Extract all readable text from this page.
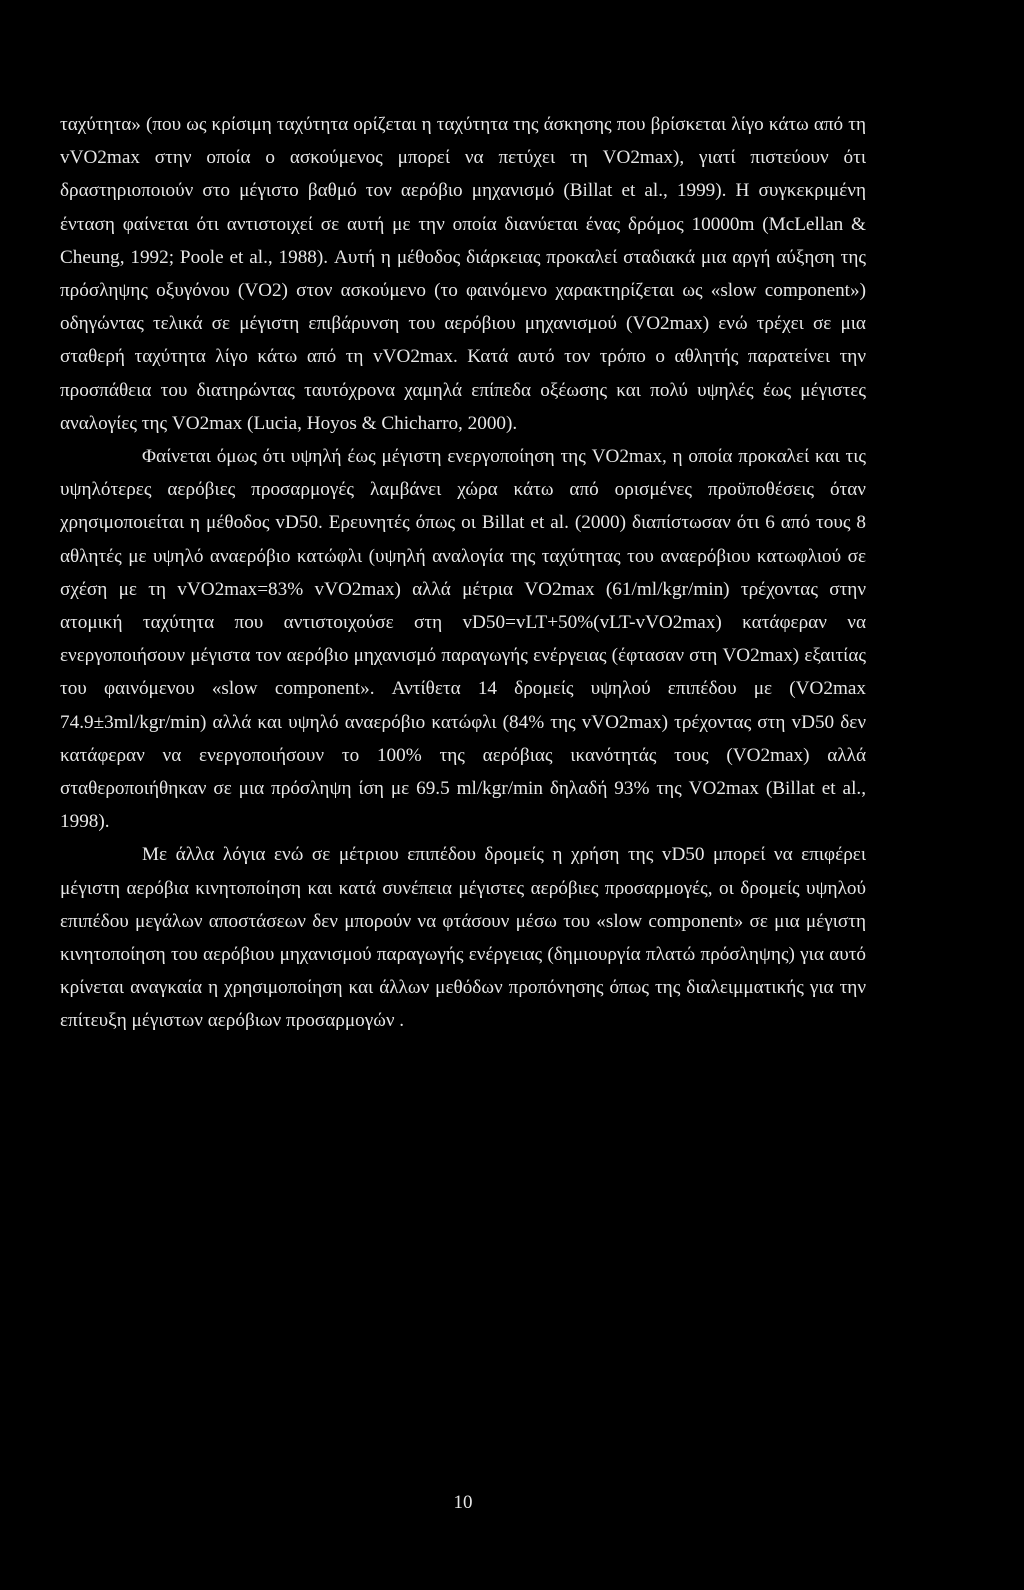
ταχύτητα» (που ως κρίσιμη ταχύτητα ορίζεται η ταχύτητα της άσκησης που βρίσκεται λίγο κάτω από τη vVO2max στην οποία ο ασκούμενος μπορεί να πετύχει τη VO2max), γιατί πιστεύουν ότι δραστηριοποιούν στο μέγιστο βαθμό τον αερόβιο μηχανισμό (Billat et al., 1999). Η συγκεκριμένη ένταση φαίνεται ότι αντιστοιχεί σε αυτή με την οποία διανύεται ένας δρόμος 10000m (McLellan & Cheung, 1992; Poole et al., 1988). Αυτή η μέθοδος διάρκειας προκαλεί σταδιακά μια αργή αύξηση της πρόσληψης οξυγόνου (VO2) στον ασκούμενο (το φαινόμενο χαρακτηρίζεται ως «slow component») οδηγώντας τελικά σε μέγιστη επιβάρυνση του αερόβιου μηχανισμού (VO2max) ενώ τρέχει σε μια σταθερή ταχύτητα λίγο κάτω από τη vVO2max. Κατά αυτό τον τρόπο ο αθλητής παρατείνει την προσπάθεια του διατηρώντας ταυτόχρονα χαμηλά επίπεδα οξέωσης και πολύ υψηλές έως μέγιστες αναλογίες της VO2max (Lucia, Hoyos & Chicharro, 2000).

Φαίνεται όμως ότι υψηλή έως μέγιστη ενεργοποίηση της VO2max, η οποία προκαλεί και τις υψηλότερες αερόβιες προσαρμογές λαμβάνει χώρα κάτω από ορισμένες προϋποθέσεις όταν χρησιμοποιείται η μέθοδος vD50. Ερευνητές όπως οι Billat et al. (2000) διαπίστωσαν ότι 6 από τους 8 αθλητές με υψηλό αναερόβιο κατώφλι (υψηλή αναλογία της ταχύτητας του αναερόβιου κατωφλιού σε σχέση με τη vVO2max=83% vVO2max) αλλά μέτρια VO2max (61/ml/kgr/min) τρέχοντας στην ατομική ταχύτητα που αντιστοιχούσε στη vD50=vLT+50%(vLT-vVO2max) κατάφεραν να ενεργοποιήσουν μέγιστα τον αερόβιο μηχανισμό παραγωγής ενέργειας (έφτασαν στη VO2max) εξαιτίας του φαινόμενου «slow component». Αντίθετα 14 δρομείς υψηλού επιπέδου με (VO2max 74.9±3ml/kgr/min) αλλά και υψηλό αναερόβιο κατώφλι (84% της vVO2max) τρέχοντας στη vD50 δεν κατάφεραν να ενεργοποιήσουν το 100% της αερόβιας ικανότητάς τους (VO2max) αλλά σταθεροποιήθηκαν σε μια πρόσληψη ίση με 69.5 ml/kgr/min δηλαδή 93% της VO2max (Billat et al., 1998).

Με άλλα λόγια ενώ σε μέτριου επιπέδου δρομείς η χρήση της vD50 μπορεί να επιφέρει μέγιστη αερόβια κινητοποίηση και κατά συνέπεια μέγιστες αερόβιες προσαρμογές, οι δρομείς υψηλού επιπέδου μεγάλων αποστάσεων δεν μπορούν να φτάσουν μέσω του «slow component» σε μια μέγιστη κινητοποίηση του αερόβιου μηχανισμού παραγωγής ενέργειας (δημιουργία πλατώ πρόσληψης) για αυτό κρίνεται αναγκαία η χρησιμοποίηση και άλλων μεθόδων προπόνησης όπως της διαλειμματικής για την επίτευξη μέγιστων αερόβιων προσαρμογών .

10
